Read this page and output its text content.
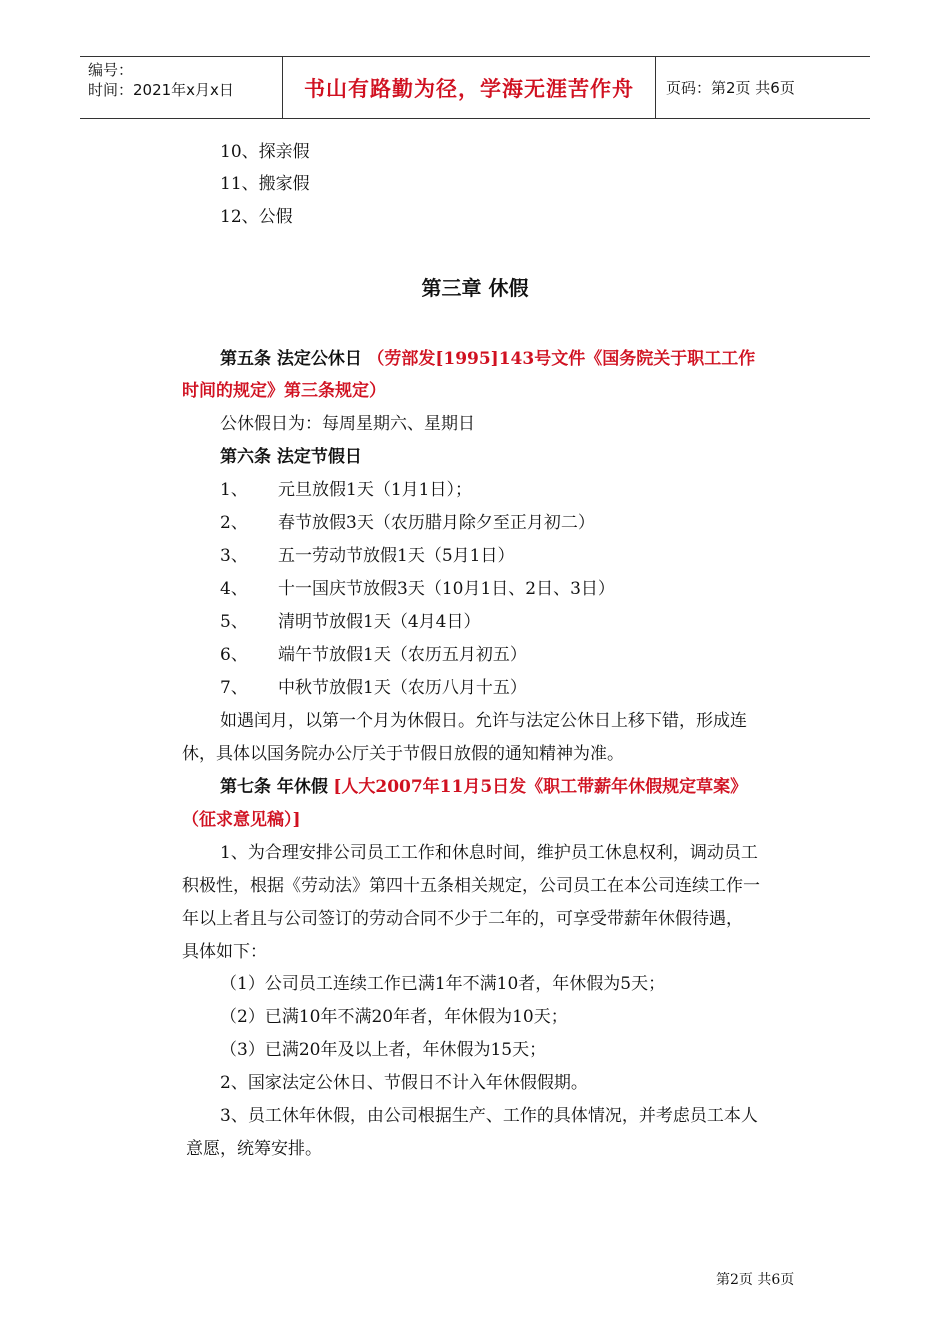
编号：
时间：2021年x月x日	书山有路勤为径，学海无涯苦作舟	页码：第2页 共6页
10、探亲假
11、搬家假
12、公假
第三章 休假
第五条 法定公休日 （劳部发[1995]143号文件《国务院关于职工工作
时间的规定》第三条规定）
公休假日为：每周星期六、星期日
第六条 法定节假日
1、 元旦放假1天（1月1日）；
2、 春节放假3天（农历腊月除夕至正月初二）
3、 五一劳动节放假1天（5月1日）
4、 十一国庆节放假3天（10月1日、2日、3日）
5、 清明节放假1天（4月4日）
6、 端午节放假1天（农历五月初五）
7、 中秋节放假1天（农历八月十五）
如遇闰月，以第一个月为休假日。允许与法定公休日上移下错，形成连
休，具体以国务院办公厅关于节假日放假的通知精神为准。
第七条 年休假 [人大2007年11月5日发《职工带薪年休假规定草案》
（征求意见稿）]
1、为合理安排公司员工工作和休息时间，维护员工休息权利，调动员工
积极性，根据《劳动法》第四十五条相关规定，公司员工在本公司连续工作一
年以上者且与公司签订的劳动合同不少于二年的，可享受带薪年休假待遇，
具体如下：
（1）公司员工连续工作已满1年不满10者，年休假为5天；
（2）已满10年不满20年者，年休假为10天；
（3）已满20年及以上者，年休假为15天；
2、国家法定公休日、节假日不计入年休假假期。
3、员工休年休假，由公司根据生产、工作的具体情况，并考虑员工本人
意愿，统筹安排。
第2页 共6页
